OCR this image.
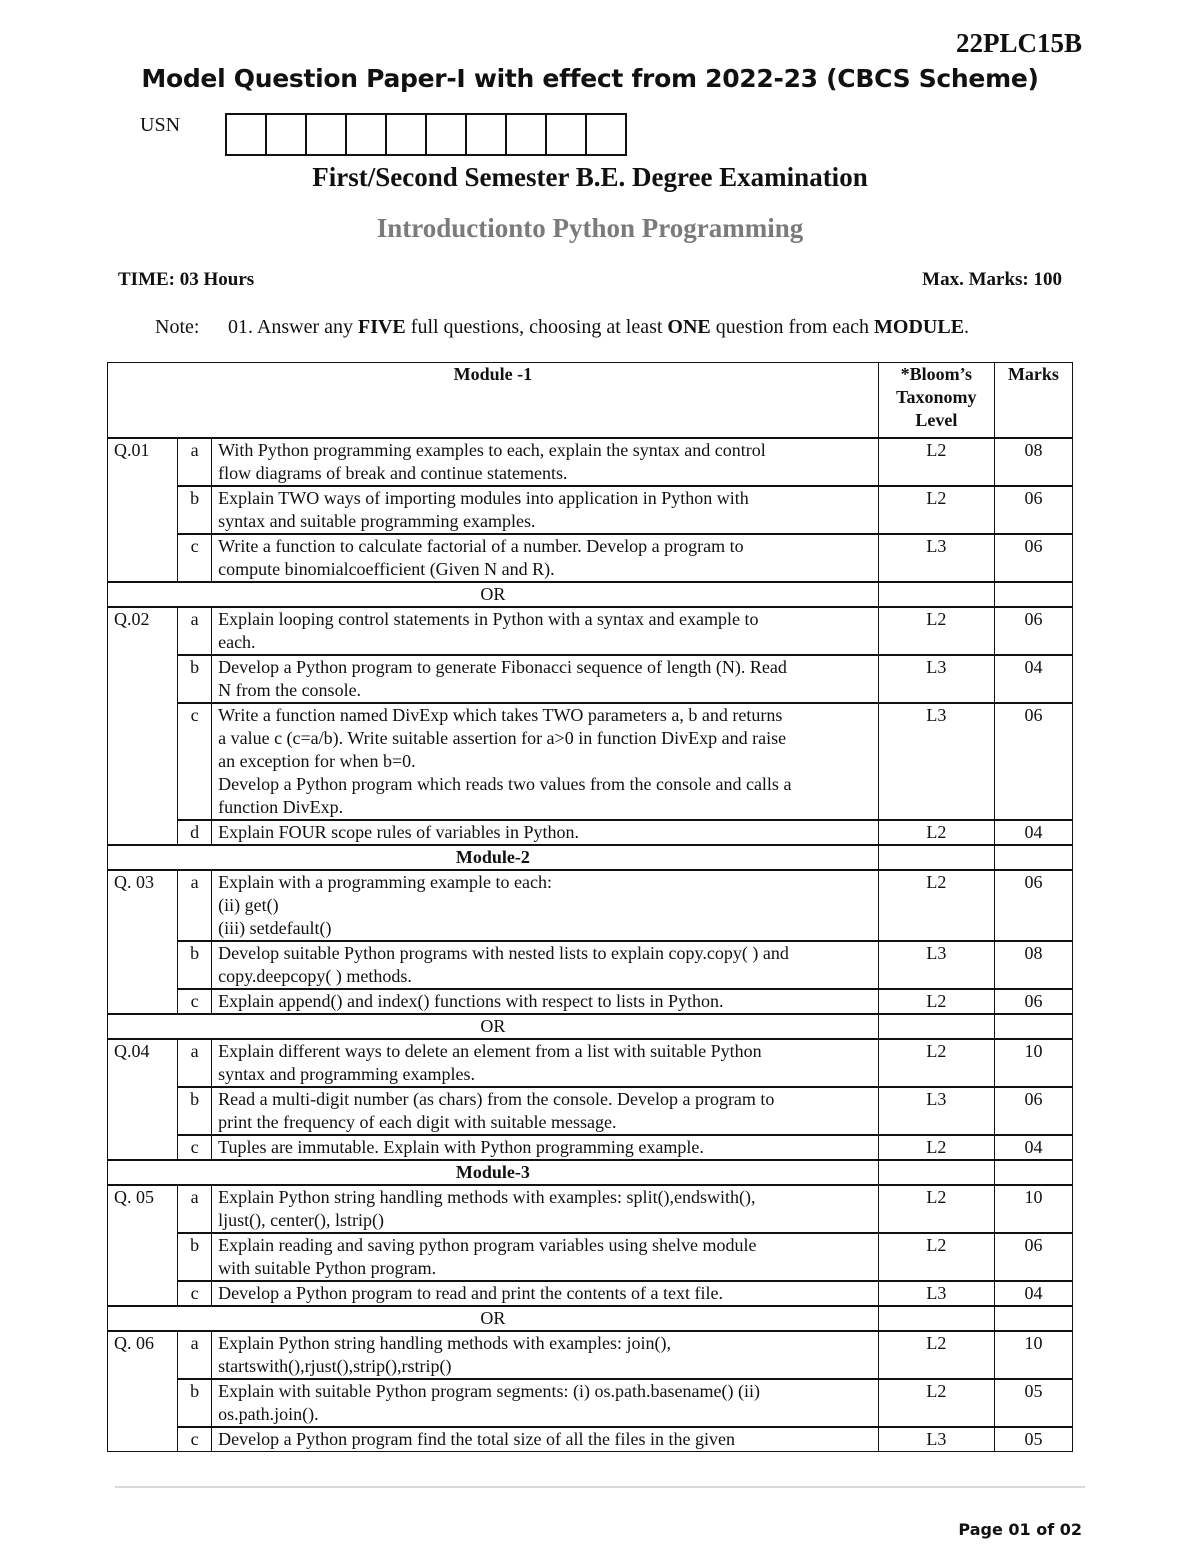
22PLC15B
Model Question Paper-I with effect from 2022-23 (CBCS Scheme)
USN
First/Second Semester B.E. Degree Examination
Introductionto Python Programming
TIME: 03 Hours	Max. Marks: 100
Note: 01. Answer any FIVE full questions, choosing at least ONE question from each MODULE.
Module -1			*Bloom’s
Taxonomy
Level	Marks
Q.01	a	With Python programming examples to each, explain the syntax and control
flow diagrams of break and continue statements.	L2	08
	b	Explain TWO ways of importing modules into application in Python with
syntax and suitable programming examples.	L2	06
	c	Write a function to calculate factorial of a number. Develop a program to
compute binomialcoefficient (Given N and R).	L3	06
OR				
Q.02	a	Explain looping control statements in Python with a syntax and example to
each.	L2	06
	b	Develop a Python program to generate Fibonacci sequence of length (N). Read
N from the console.	L3	04
	c	Write a function named DivExp which takes TWO parameters a, b and returns
a value c (c=a/b). Write suitable assertion for a>0 in function DivExp and raise
an exception for when b=0.
Develop a Python program which reads two values from the console and calls a
function DivExp.	L3	06
	d	Explain FOUR scope rules of variables in Python.	L2	04
Module-2				
Q. 03	a	Explain with a programming example to each:
(ii) get()
(iii) setdefault()	L2	06
	b	Develop suitable Python programs with nested lists to explain copy.copy( ) and
copy.deepcopy( ) methods.	L3	08
	c	Explain append() and index() functions with respect to lists in Python.	L2	06
OR				
Q.04	a	Explain different ways to delete an element from a list with suitable Python
syntax and programming examples.	L2	10
	b	Read a multi-digit number (as chars) from the console. Develop a program to
print the frequency of each digit with suitable message.	L3	06
	c	Tuples are immutable. Explain with Python programming example.	L2	04
Module-3				
Q. 05	a	Explain Python string handling methods with examples: split(),endswith(),
ljust(), center(), lstrip()	L2	10
	b	Explain reading and saving python program variables using shelve module
with suitable Python program.	L2	06
	c	Develop a Python program to read and print the contents of a text file.	L3	04
OR				
Q. 06	a	Explain Python string handling methods with examples: join(),
startswith(),rjust(),strip(),rstrip()	L2	10
	b	Explain with suitable Python program segments: (i) os.path.basename() (ii)
os.path.join().	L2	05
	c	Develop a Python program find the total size of all the files in the given	L3	05
Page 01 of 02
